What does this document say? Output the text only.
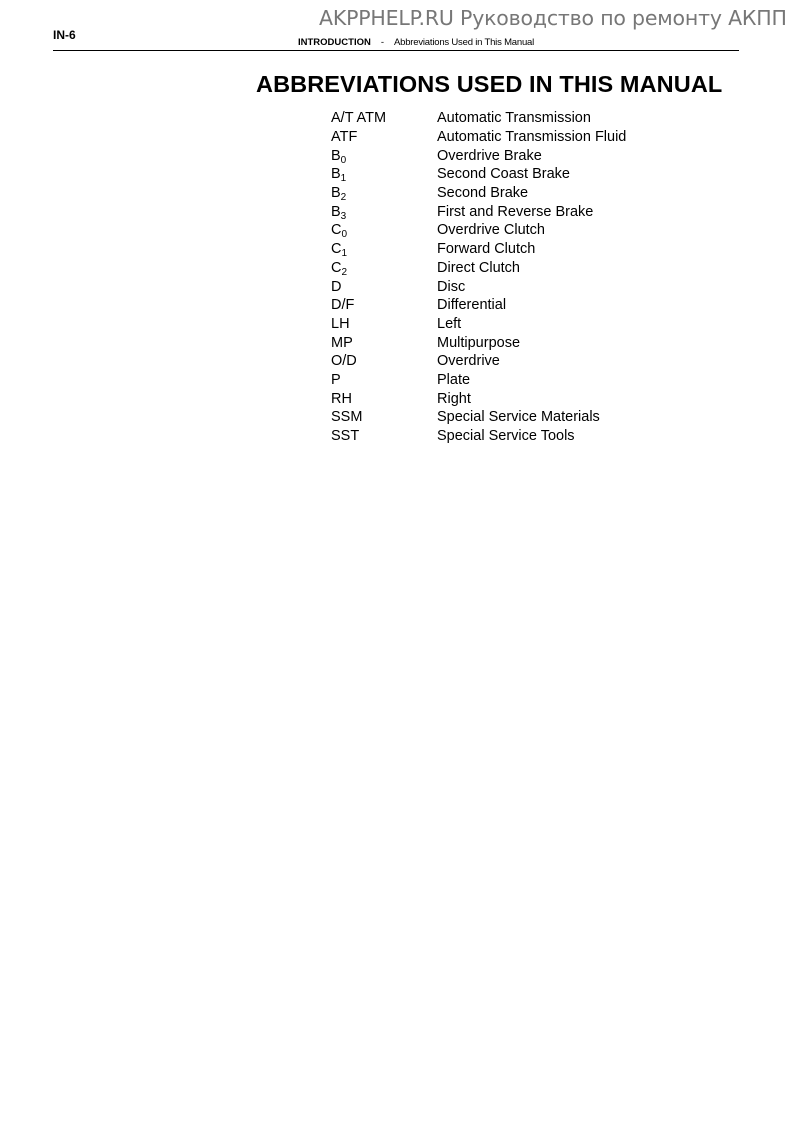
AKPPHELP.RU Руководство по ремонту АКПП
IN-6
INTRODUCTION - Abbreviations Used in This Manual
ABBREVIATIONS USED IN THIS MANUAL
A/T ATM	Automatic Transmission
ATF	Automatic Transmission Fluid
$B_0$	Overdrive Brake
$B_1$	Second Coast Brake
$B_2$	Second Brake
$B_3$	First and Reverse Brake
$C_0$	Overdrive Clutch
$C_1$	Forward Clutch
$C_2$	Direct Clutch
D	Disc
D/F	Differential
LH	Left
MP	Multipurpose
O/D	Overdrive
P	Plate
RH	Right
SSM	Special Service Materials
SST	Special Service Tools
